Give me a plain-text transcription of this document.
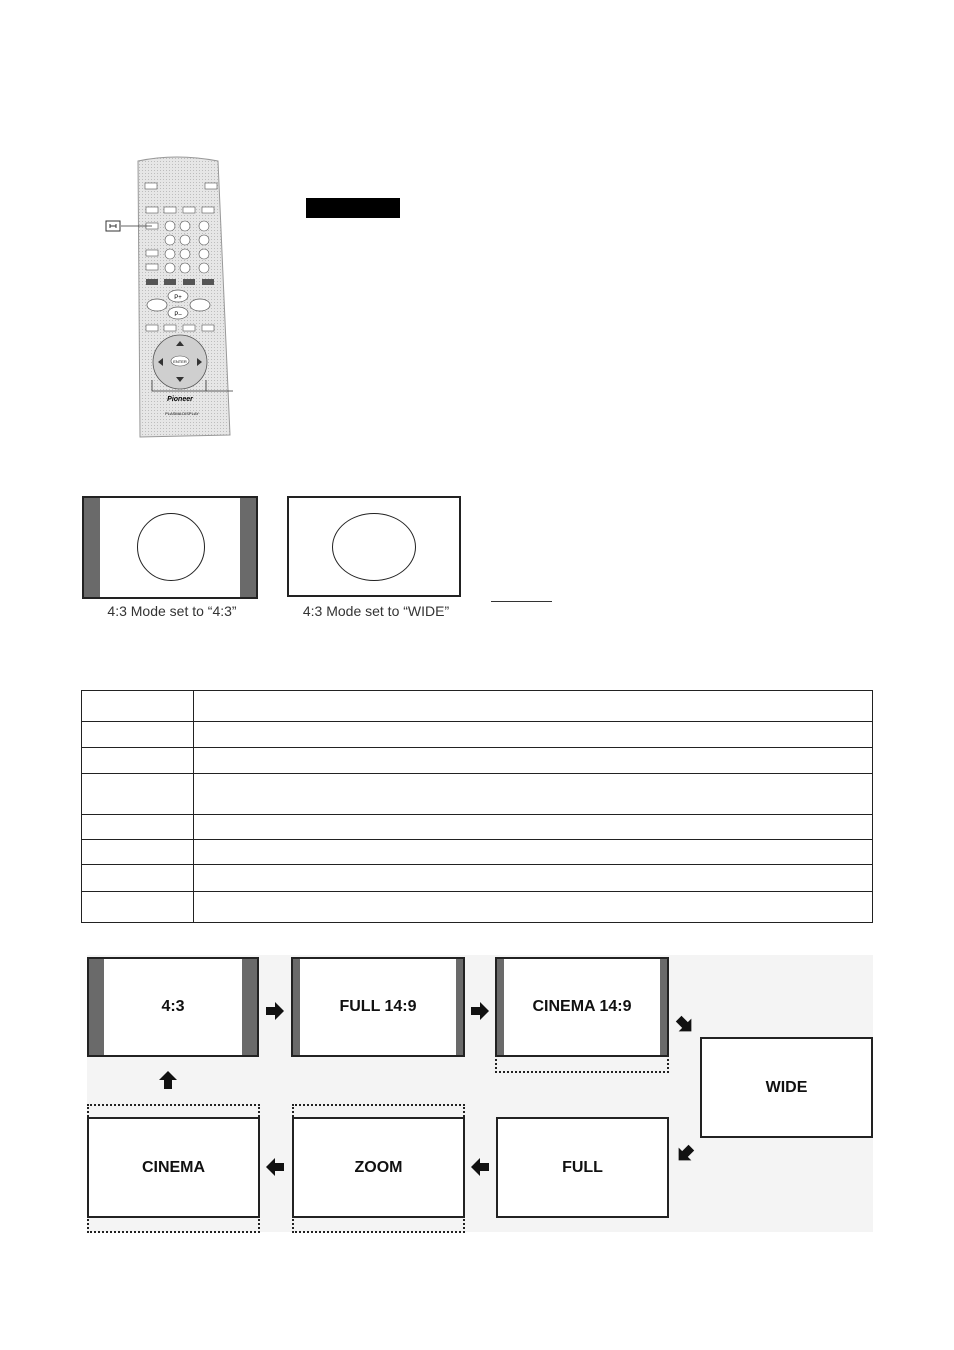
P+
P–
ENTER
Pioneer
PLASMA DISPLAY
4:3 Mode set to “4:3”	4:3 Mode set to “WIDE”

4:3	FULL 14:9	CINEMA 14:9
WIDE
CINEMA	ZOOM	FULL
